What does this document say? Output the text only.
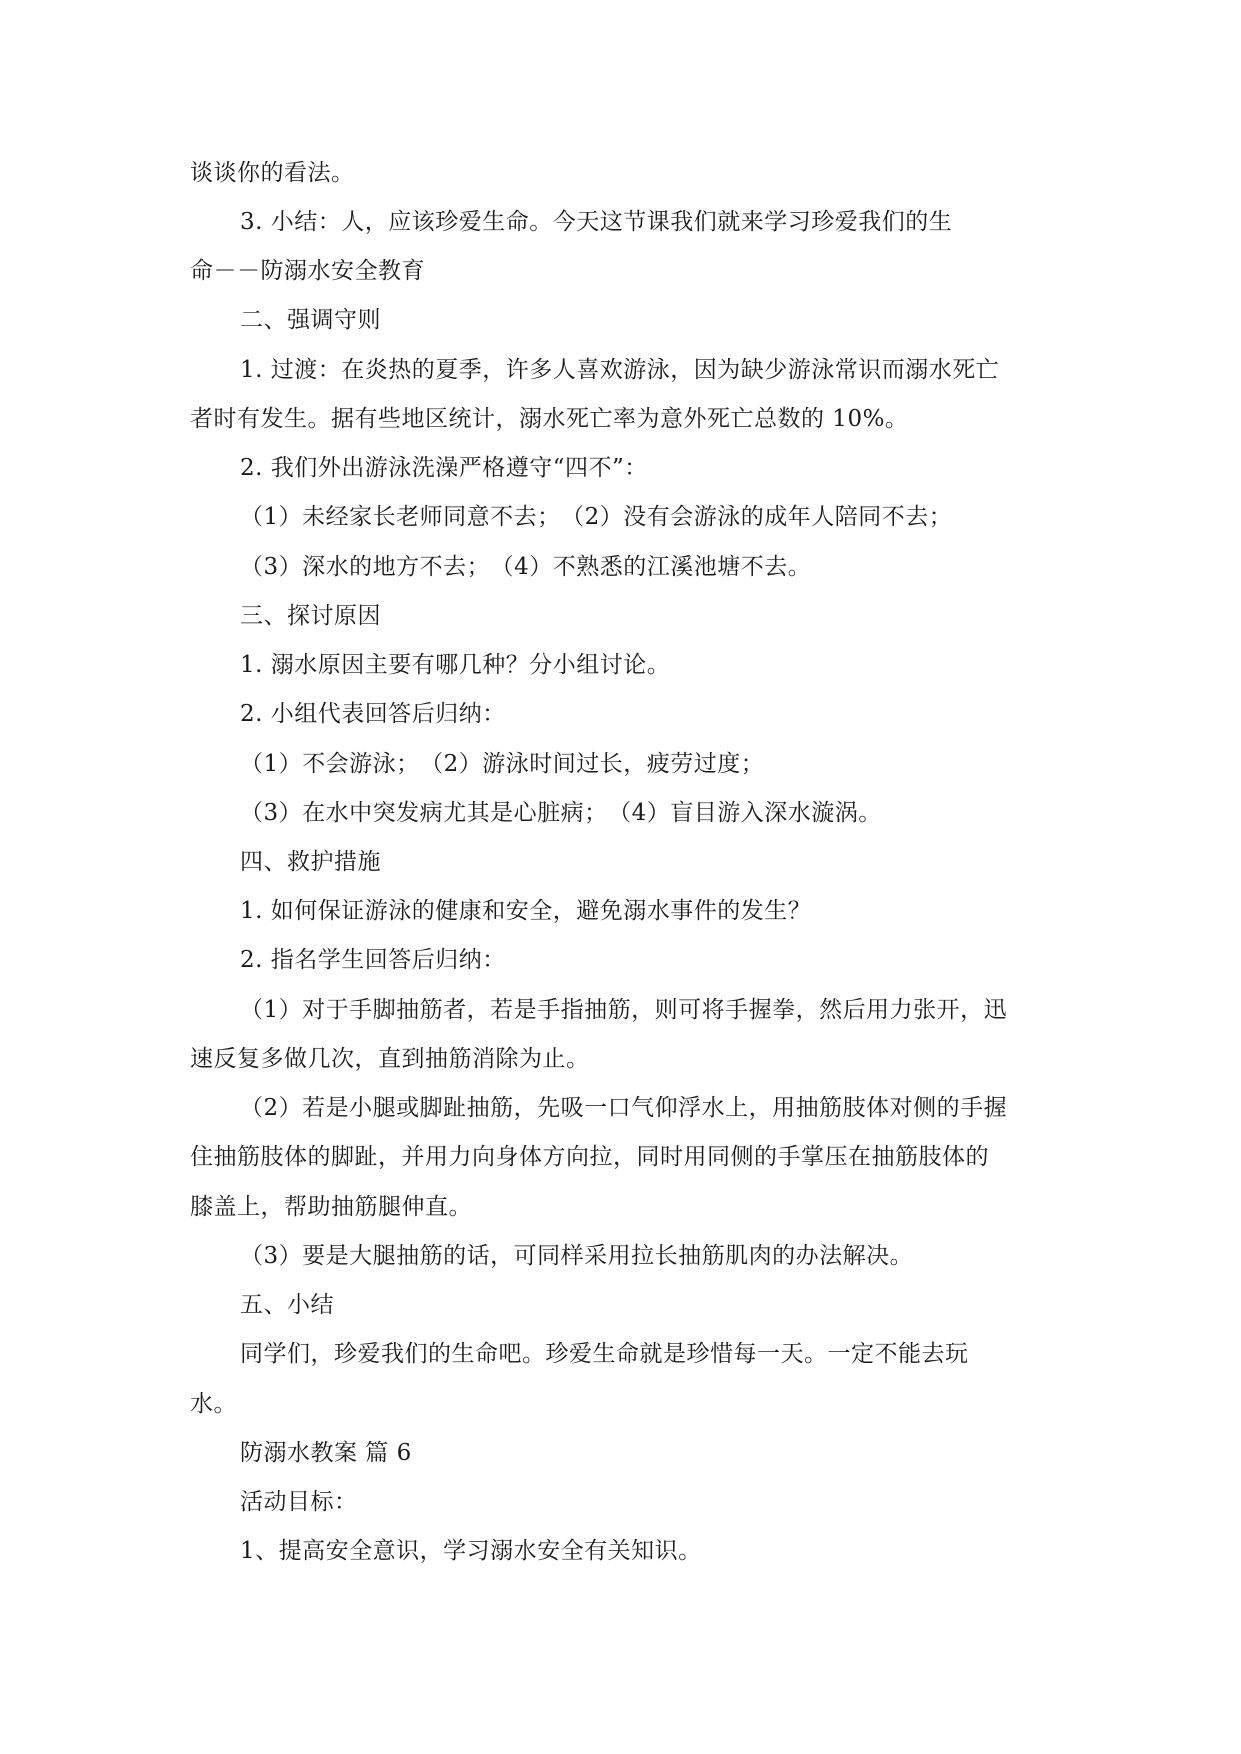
谈谈你的看法。
3. 小结：人，应该珍爱生命。今天这节课我们就来学习珍爱我们的生
命－－防溺水安全教育
二、强调守则
1. 过渡：在炎热的夏季，许多人喜欢游泳，因为缺少游泳常识而溺水死亡
者时有发生。据有些地区统计，溺水死亡率为意外死亡总数的 10%。
2. 我们外出游泳洗澡严格遵守“四不”：
（1）未经家长老师同意不去；　（2）没有会游泳的成年人陪同不去；
（3）深水的地方不去；　（4）不熟悉的江溪池塘不去。
三、探讨原因
1. 溺水原因主要有哪几种？分小组讨论。
2. 小组代表回答后归纳：
（1）不会游泳；　（2）游泳时间过长，疲劳过度；
（3）在水中突发病尤其是心脏病；　（4）盲目游入深水漩涡。
四、救护措施
1. 如何保证游泳的健康和安全，避免溺水事件的发生？
2. 指名学生回答后归纳：
（1）对于手脚抽筋者，若是手指抽筋，则可将手握拳，然后用力张开，迅
速反复多做几次，直到抽筋消除为止。
（2）若是小腿或脚趾抽筋，先吸一口气仰浮水上，用抽筋肢体对侧的手握
住抽筋肢体的脚趾，并用力向身体方向拉，同时用同侧的手掌压在抽筋肢体的
膝盖上，帮助抽筋腿伸直。
（3）要是大腿抽筋的话，可同样采用拉长抽筋肌肉的办法解决。
五、小结
同学们，珍爱我们的生命吧。珍爱生命就是珍惜每一天。一定不能去玩
水。
防溺水教案 篇 6
活动目标：
1、提高安全意识，学习溺水安全有关知识。
